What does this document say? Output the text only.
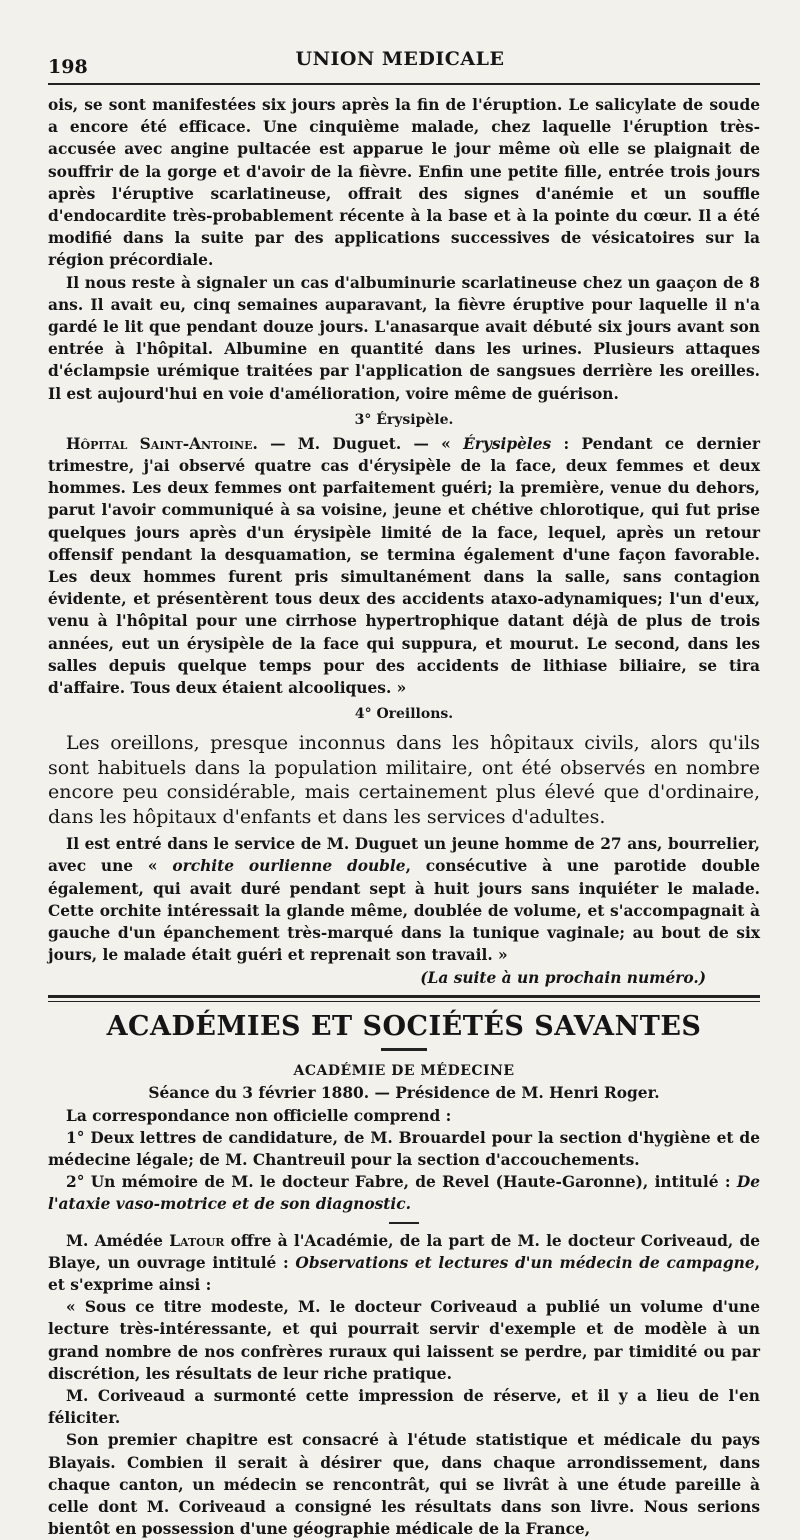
198	UNION MEDICALE

ois, se sont manifestées six jours après la fin de l'éruption. Le salicylate de soude a encore été efficace. Une cinquième malade, chez laquelle l'éruption très-accusée avec angine pultacée est apparue le jour même où elle se plaignait de souffrir de la gorge et d'avoir de la fièvre. Enfin une petite fille, entrée trois jours après l'éruptive scarlatineuse, offrait des signes d'anémie et un souffle d'endocardite très-probablement récente à la base et à la pointe du cœur. Il a été modifié dans la suite par des applications successives de vésicatoires sur la région précordiale.

Il nous reste à signaler un cas d'albuminurie scarlatineuse chez un gaaçon de 8 ans. Il avait eu, cinq semaines auparavant, la fièvre éruptive pour laquelle il n'a gardé le lit que pendant douze jours. L'anasarque avait débuté six jours avant son entrée à l'hôpital. Albumine en quantité dans les urines. Plusieurs attaques d'éclampsie urémique traitées par l'application de sangsues derrière les oreilles. Il est aujourd'hui en voie d'amélioration, voire même de guérison.

3° Érysipèle.

Hôpital Saint-Antoine. — M. Duguet. — « Érysipèles : Pendant ce dernier trimestre, j'ai observé quatre cas d'érysipèle de la face, deux femmes et deux hommes. Les deux femmes ont parfaitement guéri; la première, venue du dehors, parut l'avoir communiqué à sa voisine, jeune et chétive chlorotique, qui fut prise quelques jours après d'un érysipèle limité de la face, lequel, après un retour offensif pendant la desquamation, se termina également d'une façon favorable. Les deux hommes furent pris simultanément dans la salle, sans contagion évidente, et présentèrent tous deux des accidents ataxo-adynamiques; l'un d'eux, venu à l'hôpital pour une cirrhose hypertrophique datant déjà de plus de trois années, eut un érysipèle de la face qui suppura, et mourut. Le second, dans les salles depuis quelque temps pour des accidents de lithiase biliaire, se tira d'affaire. Tous deux étaient alcooliques. »

4° Oreillons.

Les oreillons, presque inconnus dans les hôpitaux civils, alors qu'ils sont habituels dans la population militaire, ont été observés en nombre encore peu considérable, mais certainement plus élevé que d'ordinaire, dans les hôpitaux d'enfants et dans les services d'adultes.

Il est entré dans le service de M. Duguet un jeune homme de 27 ans, bourrelier, avec une « orchite ourlienne double, consécutive à une parotide double également, qui avait duré pendant sept à huit jours sans inquiéter le malade. Cette orchite intéressait la glande même, doublée de volume, et s'accompagnait à gauche d'un épanchement très-marqué dans la tunique vaginale; au bout de six jours, le malade était guéri et reprenait son travail. »

(La suite à un prochain numéro.)
ACADÉMIES ET SOCIÉTÉS SAVANTES
ACADÉMIE DE MÉDECINE
Séance du 3 février 1880. — Présidence de M. Henri Roger.

La correspondance non officielle comprend :

1° Deux lettres de candidature, de M. Brouardel pour la section d'hygiène et de médecine légale; de M. Chantreuil pour la section d'accouchements.

2° Un mémoire de M. le docteur Fabre, de Revel (Haute-Garonne), intitulé : De l'ataxie vaso-motrice et de son diagnostic.

M. Amédée Latour offre à l'Académie, de la part de M. le docteur Coriveaud, de Blaye, un ouvrage intitulé : Observations et lectures d'un médecin de campagne, et s'exprime ainsi :

« Sous ce titre modeste, M. le docteur Coriveaud a publié un volume d'une lecture très-intéressante, et qui pourrait servir d'exemple et de modèle à un grand nombre de nos confrères ruraux qui laissent se perdre, par timidité ou par discrétion, les résultats de leur riche pratique.

M. Coriveaud a surmonté cette impression de réserve, et il y a lieu de l'en féliciter.

Son premier chapitre est consacré à l'étude statistique et médicale du pays Blayais. Combien il serait à désirer que, dans chaque arrondissement, dans chaque canton, un médecin se rencontrât, qui se livrât à une étude pareille à celle dont M. Coriveaud a consigné les résultats dans son livre. Nous serions bientôt en possession d'une géographie médicale de la France,
